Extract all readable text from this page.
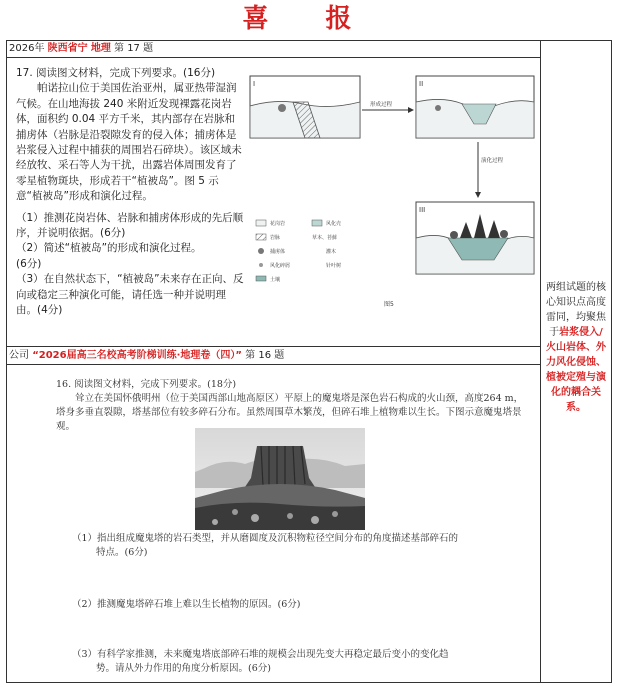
喜 报
2026年 陕西省宁 地理 第 17 题

17. 阅读图文材料，完成下列要求。(16分)

帕诺拉山位于美国佐治亚州，属亚热带湿润气候。在山地海拔 240 米附近发现裸露花岗岩体，面积约 0.04 平方千米，其内部存在岩脉和捕虏体（岩脉是沿裂隙发育的侵入体；捕虏体是岩浆侵入过程中捕获的周围岩石碎块）。该区域未经放牧、采石等人为干扰，出露岩体周围发育了零星植物斑块，形成若干“植被岛”。图 5 示意“植被岛”形成和演化过程。

（1）推测花岗岩体、岩脉和捕虏体形成的先后顺序，并说明依据。(6分)

（2）简述“植被岛”的形成和演化过程。

(6分)

（3）在自然状态下，“植被岛”未来存在正向、反向或稳定三种演化可能，请任选一种并说明理由。(4分)

I
形成过程
II
演化过程
III
花岗岩	风化壳
岩脉	草本、苔藓
捕虏体	灌木
风化碎屑	针叶树
土壤
图5
公司 “2026届高三名校高考阶梯训练·地理卷（四）” 第 16 题

16. 阅读图文材料，完成下列要求。(18分)

耸立在美国怀俄明州（位于美国西部山地高原区）平原上的魔鬼塔是深色岩石构成的火山颈，高度264 m，塔身多垂直裂隙，塔基部位有较多碎石分布。虽然周围草木繁茂，但碎石堆上植物难以生长。下图示意魔鬼塔景观。

（1）指出组成魔鬼塔的岩石类型，并从磨圆度及沉积物粒径空间分布的角度描述基部碎石的

特点。(6分)

（2）推测魔鬼塔碎石堆上难以生长植物的原因。(6分)

（3）有科学家推测，未来魔鬼塔底部碎石堆的规模会出现先变大再稳定最后变小的变化趋

势。请从外力作用的角度分析原因。(6分)

两组试题的核心知识点高度雷同，均聚焦于岩浆侵入/火山岩体、外力风化侵蚀、植被定殖与演化的耦合关系。
